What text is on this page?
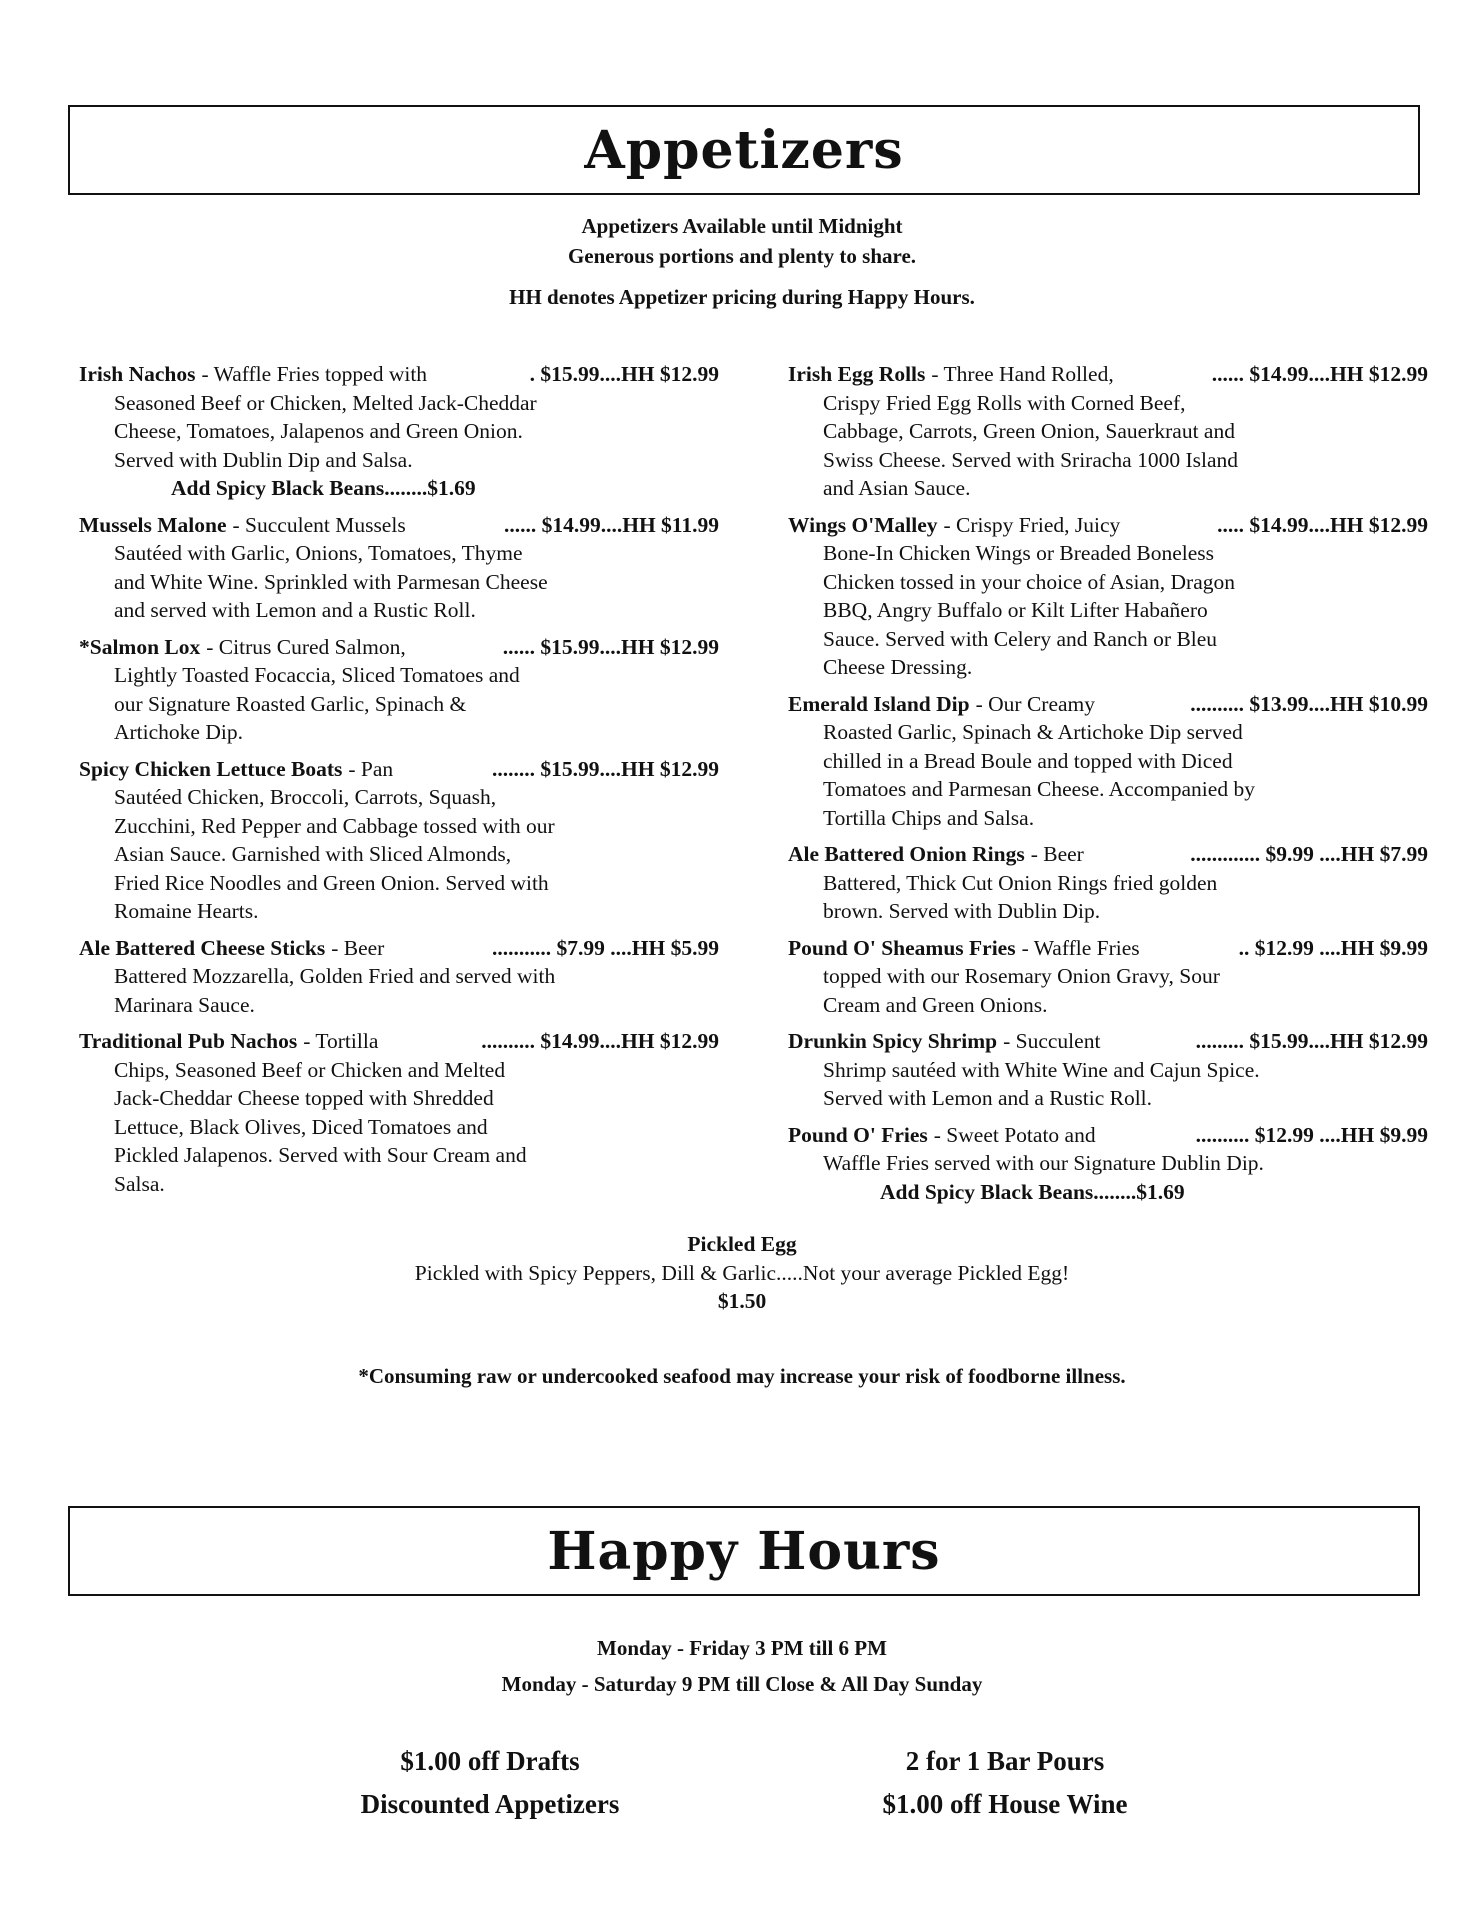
Appetizers
Appetizers Available until Midnight
Generous portions and plenty to share.
HH denotes Appetizer pricing during Happy Hours.
Irish Nachos - Waffle Fries topped with	. $15.99....HH $12.99
Seasoned Beef or Chicken, Melted Jack-Cheddar
Cheese, Tomatoes, Jalapenos and Green Onion.
Served with Dublin Dip and Salsa.
Add Spicy Black Beans........$1.69
Mussels Malone - Succulent Mussels	...... $14.99....HH $11.99
Sautéed with Garlic, Onions, Tomatoes, Thyme
and White Wine. Sprinkled with Parmesan Cheese
and served with Lemon and a Rustic Roll.
*Salmon Lox - Citrus Cured Salmon,	...... $15.99....HH $12.99
Lightly Toasted Focaccia, Sliced Tomatoes and
our Signature Roasted Garlic, Spinach &
Artichoke Dip.
Spicy Chicken Lettuce Boats - Pan	........ $15.99....HH $12.99
Sautéed Chicken, Broccoli, Carrots, Squash,
Zucchini, Red Pepper and Cabbage tossed with our
Asian Sauce. Garnished with Sliced Almonds,
Fried Rice Noodles and Green Onion. Served with
Romaine Hearts.
Ale Battered Cheese Sticks - Beer	........... $7.99 ....HH $5.99
Battered Mozzarella, Golden Fried and served with
Marinara Sauce.
Traditional Pub Nachos - Tortilla	.......... $14.99....HH $12.99
Chips, Seasoned Beef or Chicken and Melted
Jack-Cheddar Cheese topped with Shredded
Lettuce, Black Olives, Diced Tomatoes and
Pickled Jalapenos. Served with Sour Cream and
Salsa.
Irish Egg Rolls - Three Hand Rolled,	...... $14.99....HH $12.99
Crispy Fried Egg Rolls with Corned Beef,
Cabbage, Carrots, Green Onion, Sauerkraut and
Swiss Cheese. Served with Sriracha 1000 Island
and Asian Sauce.
Wings O'Malley - Crispy Fried, Juicy	..... $14.99....HH $12.99
Bone-In Chicken Wings or Breaded Boneless
Chicken tossed in your choice of Asian, Dragon
BBQ, Angry Buffalo or Kilt Lifter Habañero
Sauce. Served with Celery and Ranch or Bleu
Cheese Dressing.
Emerald Island Dip - Our Creamy	.......... $13.99....HH $10.99
Roasted Garlic, Spinach & Artichoke Dip served
chilled in a Bread Boule and topped with Diced
Tomatoes and Parmesan Cheese. Accompanied by
Tortilla Chips and Salsa.
Ale Battered Onion Rings - Beer	............. $9.99 ....HH $7.99
Battered, Thick Cut Onion Rings fried golden
brown. Served with Dublin Dip.
Pound O' Sheamus Fries - Waffle Fries	.. $12.99 ....HH $9.99
topped with our Rosemary Onion Gravy, Sour
Cream and Green Onions.
Drunkin Spicy Shrimp - Succulent	......... $15.99....HH $12.99
Shrimp sautéed with White Wine and Cajun Spice.
Served with Lemon and a Rustic Roll.
Pound O' Fries - Sweet Potato and	.......... $12.99 ....HH $9.99
Waffle Fries served with our Signature Dublin Dip.
Add Spicy Black Beans........$1.69
Pickled Egg
Pickled with Spicy Peppers, Dill & Garlic.....Not your average Pickled Egg!
$1.50
*Consuming raw or undercooked seafood may increase your risk of foodborne illness.
Happy Hours
Monday - Friday 3 PM till 6 PM
Monday - Saturday 9 PM till Close & All Day Sunday
$1.00 off Drafts
Discounted Appetizers
2 for 1 Bar Pours
$1.00 off House Wine
